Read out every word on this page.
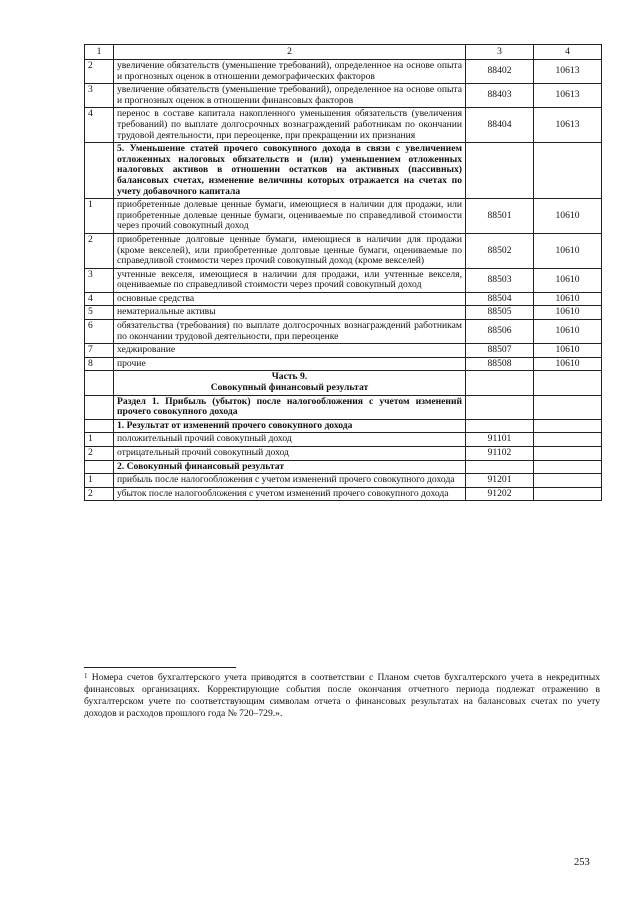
1	2	3	4
2	увеличение обязательств (уменьшение требований), определенное на основе опыта и прогнозных оценок в отношении демографических факторов	88402	10613
3	увеличение обязательств (уменьшение требований), определенное на основе опыта и прогнозных оценок в отношении финансовых факторов	88403	10613
4	перенос в составе капитала накопленного уменьшения обязательств (увеличения требований) по выплате долгосрочных вознаграждений работникам по окончании трудовой деятельности, при переоценке, при прекращении их признания	88404	10613
	5. Уменьшение статей прочего совокупного дохода в связи с увеличением отложенных налоговых обязательств и (или) уменьшением отложенных налоговых активов в отношении остатков на активных (пассивных) балансовых счетах, изменение величины которых отражается на счетах по учету добавочного капитала		
1	приобретенные долевые ценные бумаги, имеющиеся в наличии для продажи, или приобретенные долевые ценные бумаги, оцениваемые по справедливой стоимости через прочий совокупный доход	88501	10610
2	приобретенные долговые ценные бумаги, имеющиеся в наличии для продажи (кроме векселей), или приобретенные долговые ценные бумаги, оцениваемые по справедливой стоимости через прочий совокупный доход (кроме векселей)	88502	10610
3	учтенные векселя, имеющиеся в наличии для продажи, или учтенные векселя, оцениваемые по справедливой стоимости через прочий совокупный доход	88503	10610
4	основные средства	88504	10610
5	нематериальные активы	88505	10610
6	обязательства (требования) по выплате долгосрочных вознаграждений работникам по окончании трудовой деятельности, при переоценке	88506	10610
7	хеджирование	88507	10610
8	прочие	88508	10610
	Часть 9.
Совокупный финансовый результат		
	Раздел 1. Прибыль (убыток) после налогообложения с учетом изменений прочего совокупного дохода		
	1. Результат от изменений прочего совокупного дохода		
1	положительный прочий совокупный доход	91101	
2	отрицательный прочий совокупный доход	91102	
	2. Совокупный финансовый результат		
1	прибыль после налогообложения с учетом изменений прочего совокупного дохода	91201	
2	убыток после налогообложения с учетом изменений прочего совокупного дохода	91202	
$^1$ Номера счетов бухгалтерского учета приводятся в соответствии с Планом счетов бухгалтерского учета в некредитных финансовых организациях. Корректирующие события после окончания отчетного периода подлежат отражению в бухгалтерском учете по соответствующим символам отчета о финансовых результатах на балансовых счетах по учету доходов и расходов прошлого года № 720–729.».
253
